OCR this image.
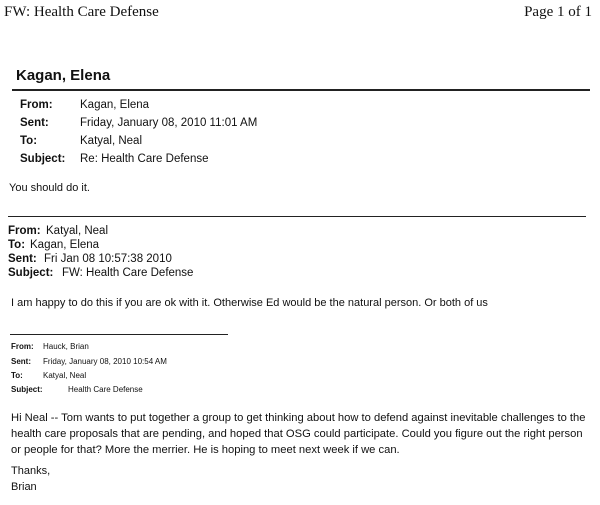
FW: Health Care Defense	Page 1 of 1
Kagan, Elena
From: Kagan, Elena
Sent:	Friday, January 08, 2010 11:01 AM
To:	Katyal, Neal
Subject: Re: Health Care Defense
You should do it.
From: Katyal, Neal
To: Kagan, Elena
Sent: Fri Jan 08 10:57:38 2010
Subject: FW: Health Care Defense
I am happy to do this if you are ok with it. Otherwise Ed would be the natural person. Or both of us
From: Hauck, Brian
Sent: Friday, January 08, 2010 10:54 AM
To:	Katyal, Neal
Subject:	Health Care Defense
Hi Neal -- Tom wants to put together a group to get thinking about how to defend against inevitable challenges to the health care proposals that are pending, and hoped that OSG could participate. Could you figure out the right person or people for that? More the merrier. He is hoping to meet next week if we can.
Thanks,
Brian
